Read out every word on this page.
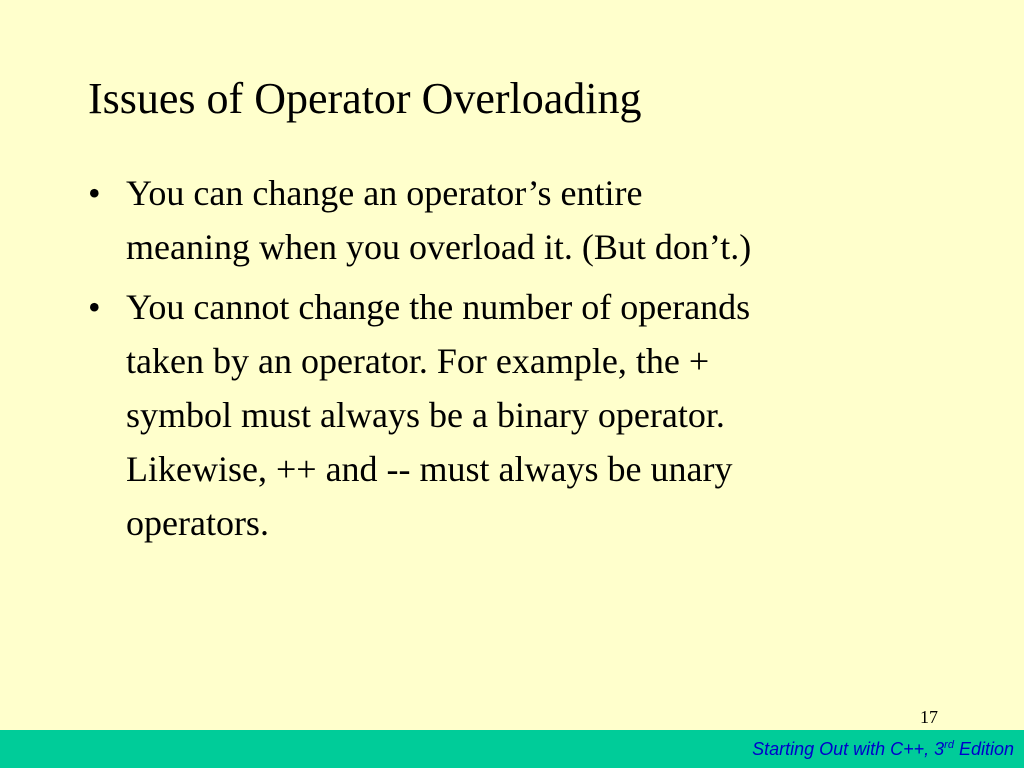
Issues of Operator Overloading
• You can change an operator’s entire
meaning when you overload it. (But don’t.)
• You cannot change the number of operands
taken by an operator. For example, the +
symbol must always be a binary operator.
Likewise, ++ and -- must always be unary
operators.
17
Starting Out with C++, 3rd Edition
